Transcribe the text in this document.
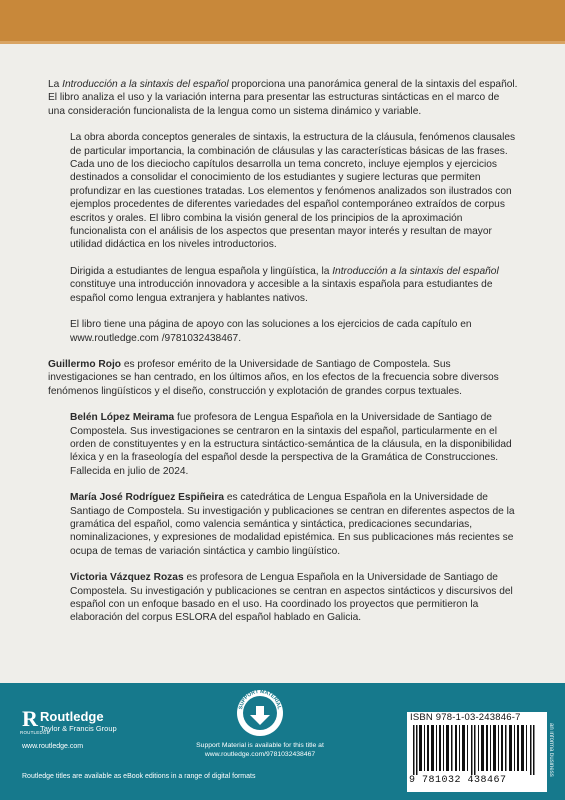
La Introducción a la sintaxis del español proporciona una panorámica general de la sintaxis del español. El libro analiza el uso y la variación interna para presentar las estructuras sintácticas en el marco de una consideración funcionalista de la lengua como un sistema dinámico y variable.

La obra aborda conceptos generales de sintaxis, la estructura de la cláusula, fenómenos clausales de particular importancia, la combinación de cláusulas y las características básicas de las frases. Cada uno de los dieciocho capítulos desarrolla un tema concreto, incluye ejemplos y ejercicios destinados a consolidar el conocimiento de los estudiantes y sugiere lecturas que permiten profundizar en las cuestiones tratadas. Los elementos y fenómenos analizados son ilustrados con ejemplos procedentes de diferentes variedades del español contemporáneo extraídos de corpus escritos y orales. El libro combina la visión general de los principios de la aproximación funcionalista con el análisis de los aspectos que presentan mayor interés y resultan de mayor utilidad didáctica en los niveles introductorios.

Dirigida a estudiantes de lengua española y lingüística, la Introducción a la sintaxis del español constituye una introducción innovadora y accesible a la sintaxis española para estudiantes de español como lengua extranjera y hablantes nativos.

El libro tiene una página de apoyo con las soluciones a los ejercicios de cada capítulo en www.routledge.com /9781032438467.

Guillermo Rojo es profesor emérito de la Universidade de Santiago de Compostela. Sus investigaciones se han centrado, en los últimos años, en los efectos de la frecuencia sobre diversos fenómenos lingüísticos y el diseño, construcción y explotación de grandes corpus textuales.

Belén López Meirama fue profesora de Lengua Española en la Universidade de Santiago de Compostela. Sus investigaciones se centraron en la sintaxis del español, particularmente en el orden de constituyentes y en la estructura sintáctico-semántica de la cláusula, en la disponibilidad léxica y en la fraseología del español desde la perspectiva de la Gramática de Construcciones. Fallecida en julio de 2024.

María José Rodríguez Espiñeira es catedrática de Lengua Española en la Universidade de Santiago de Compostela. Su investigación y publicaciones se centran en diferentes aspectos de la gramática del español, como valencia semántica y sintáctica, predicaciones secundarias, nominalizaciones, y expresiones de modalidad epistémica. En sus publicaciones más recientes se ocupa de temas de variación sintáctica y cambio lingüístico.

Victoria Vázquez Rozas es profesora de Lengua Española en la Universidade de Santiago de Compostela. Su investigación y publicaciones se centran en aspectos sintácticos y discursivos del español con un enfoque basado en el uso. Ha coordinado los proyectos que permitieron la elaboración del corpus ESLORA del español hablado en Galicia.

R
ROUTLEDGE
Routledge
Taylor & Francis Group
www.routledge.com
Routledge titles are available as eBook editions in a range of digital formats
SUPPORT MATERIAL
Support Material is available for this title at
www.routledge.com/9781032438467
ISBN 978-1-03-243846-7
9 781032 438467
an informa business
